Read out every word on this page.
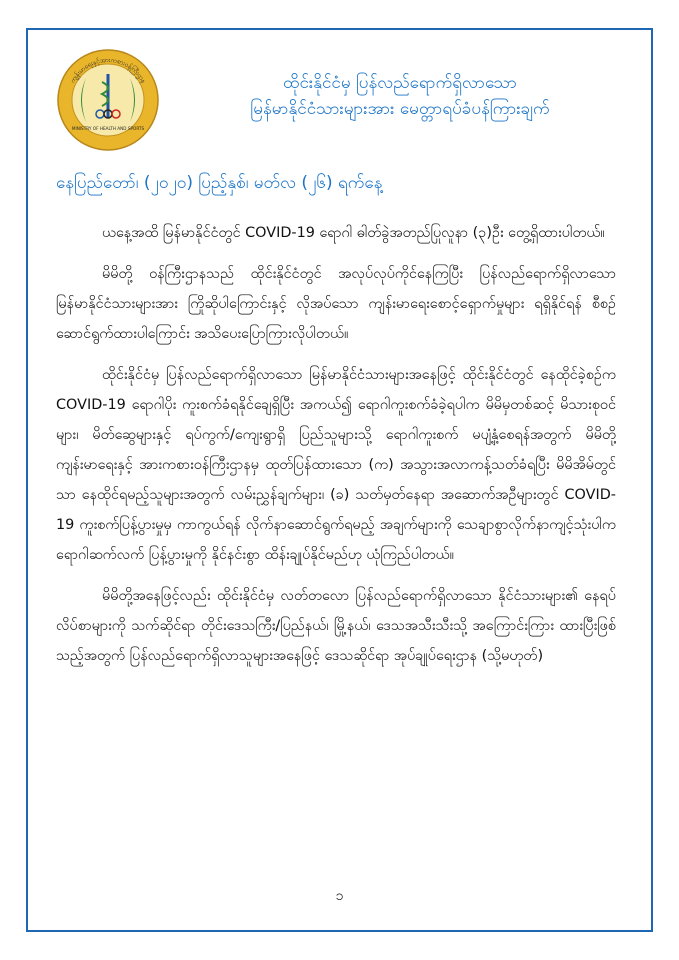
ကျန်းမာရေးနှင့်အားကစားဝန်ကြီးဌာန
MINISTRY OF HEALTH AND SPORTS
ထိုင်းနိုင်ငံမှ ပြန်လည်ရောက်ရှိလာသော
မြန်မာနိုင်ငံသားများအား မေတ္တာရပ်ခံပန်ကြားချက်
နေပြည်တော်၊ (၂၀၂၀) ပြည့်နှစ်၊ မတ်လ (၂၆) ရက်နေ့

ယနေ့အထိ မြန်မာနိုင်ငံတွင် COVID-19 ရောဂါ ဓါတ်ခွဲအတည်ပြုလူနာ (၃)ဦး တွေ့ရှိထားပါတယ်။

မိမိတို့ ဝန်ကြီးဌာနသည် ထိုင်းနိုင်ငံတွင် အလုပ်လုပ်ကိုင်နေကြပြီး ပြန်လည်ရောက်ရှိလာသော မြန်မာနိုင်ငံသားများအား ကြိုဆိုပါကြောင်းနှင့် လိုအပ်သော ကျန်းမာရေးစောင့်ရှောက်မှုများ ရရှိနိုင်ရန် စီစဉ်ဆောင်ရွက်ထားပါကြောင်း အသိပေးပြောကြားလိုပါတယ်။

ထိုင်းနိုင်ငံမှ ပြန်လည်ရောက်ရှိလာသော မြန်မာနိုင်ငံသားများအနေဖြင့် ထိုင်းနိုင်ငံတွင် နေထိုင်ခဲ့စဉ်က COVID-19 ရောဂါပိုး ကူးစက်ခံရနိုင်ချေရှိပြီး အကယ်၍ ရောဂါကူးစက်ခံခဲ့ရပါက မိမိမှတစ်ဆင့် မိသားစုဝင်များ၊ မိတ်ဆွေများနှင့် ရပ်ကွက်/ကျေးရွာရှိ ပြည်သူများသို့ ရောဂါကူးစက် မပျံ့နှံ့စေရန်အတွက် မိမိတို့ ကျန်းမာရေးနှင့် အားကစားဝန်ကြီးဌာနမှ ထုတ်ပြန်ထားသော (က) အသွားအလာကန့်သတ်ခံရပြီး မိမိအိမ်တွင်သာ နေထိုင်ရမည့်သူများအတွက် လမ်းညွှန်ချက်များ၊ (ခ) သတ်မှတ်နေရာ အဆောက်အဦများတွင် COVID-19 ကူးစက်ပြန့်ပွားမှုမှ ကာကွယ်ရန် လိုက်နာဆောင်ရွက်ရမည့် အချက်များကို သေချာစွာလိုက်နာကျင့်သုံးပါက ရောဂါဆက်လက် ပြန့်ပွားမှုကို နိုင်နင်းစွာ ထိန်းချုပ်နိုင်မည်ဟု ယုံကြည်ပါတယ်။

မိမိတို့အနေဖြင့်လည်း ထိုင်းနိုင်ငံမှ လတ်တလော ပြန်လည်ရောက်ရှိလာသော နိုင်ငံသားများ၏ နေရပ်လိပ်စာများကို သက်ဆိုင်ရာ တိုင်းဒေသကြီး/ပြည်နယ်၊ မြို့နယ်၊ ဒေသအသီးသီးသို့ အကြောင်းကြား ထားပြီးဖြစ်သည့်အတွက် ပြန်လည်ရောက်ရှိလာသူများအနေဖြင့် ဒေသဆိုင်ရာ အုပ်ချုပ်ရေးဌာန (သို့မဟုတ်)

၁
